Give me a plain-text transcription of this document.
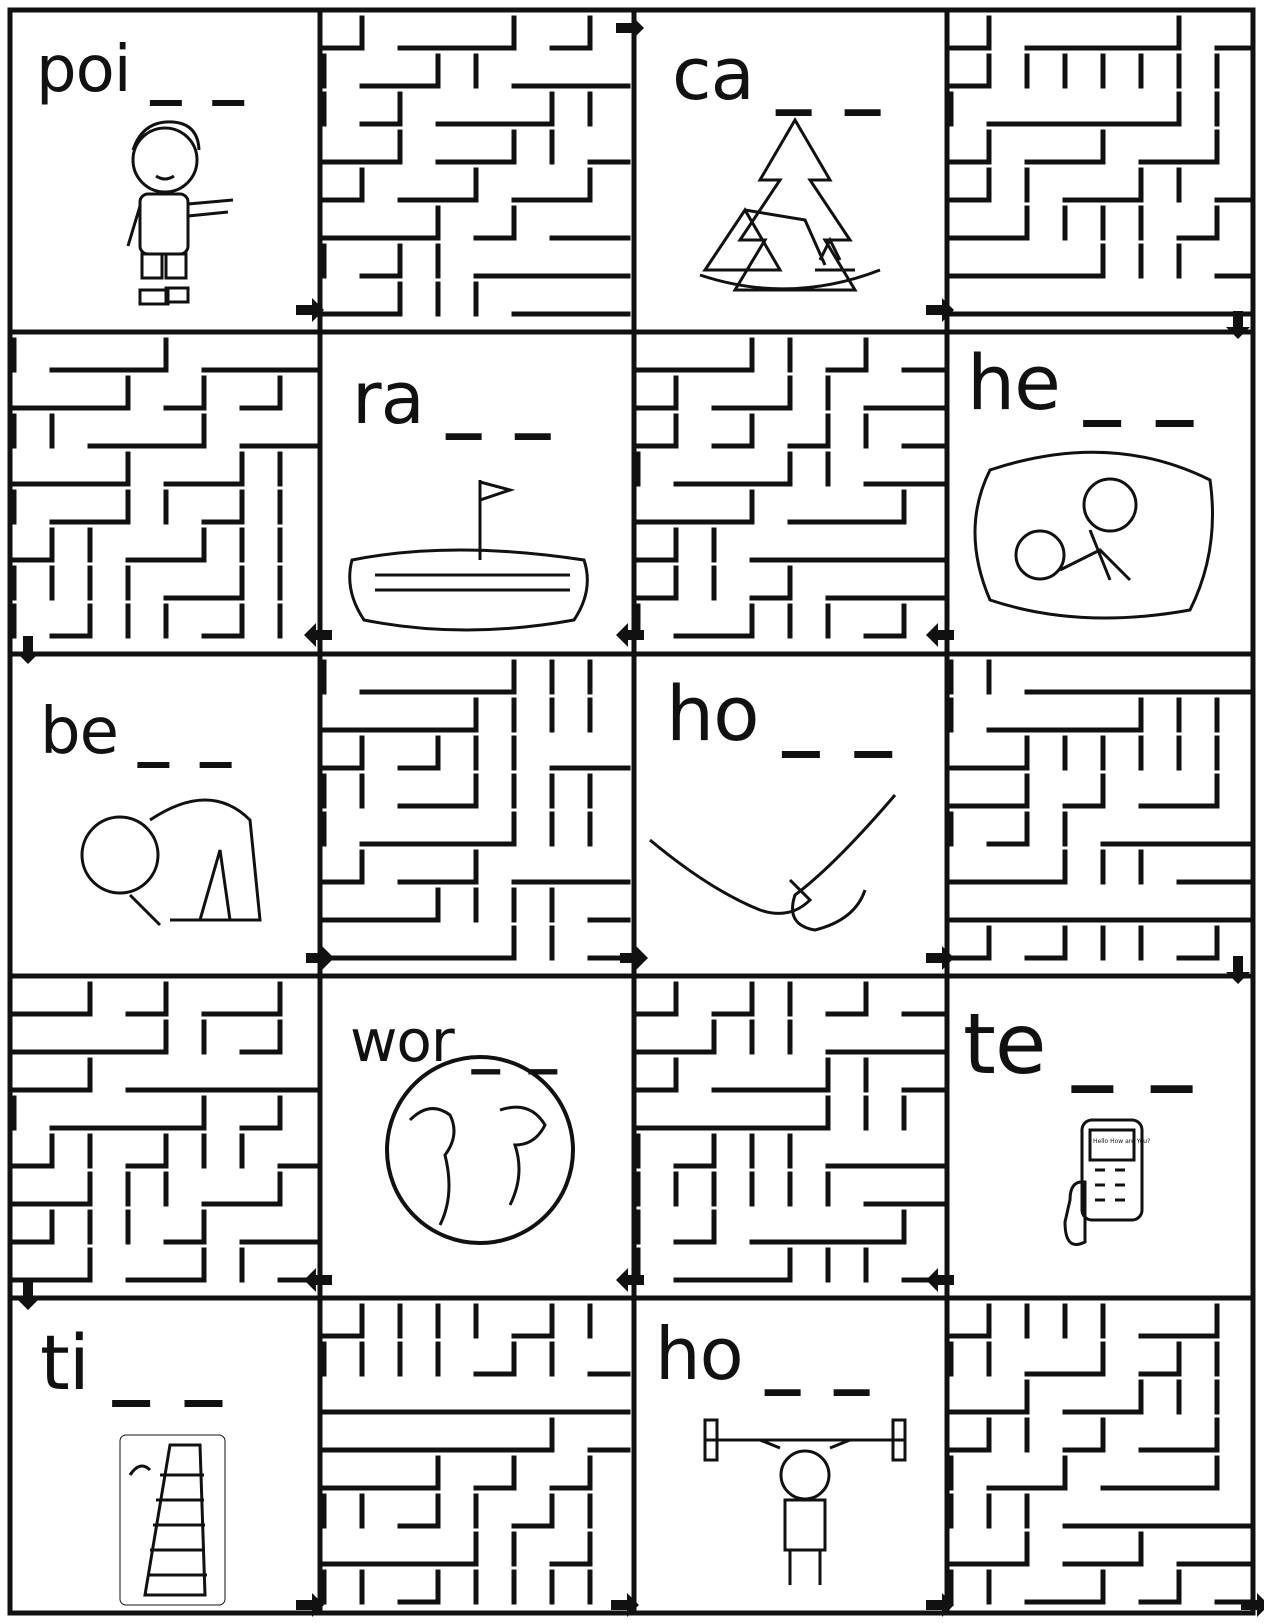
Hello How are You?
poi _ _	ca _ _
ra _ _	he _ _
be _ _	ho _ _
wor _ _	te _ _
ti _ _	ho _ _
